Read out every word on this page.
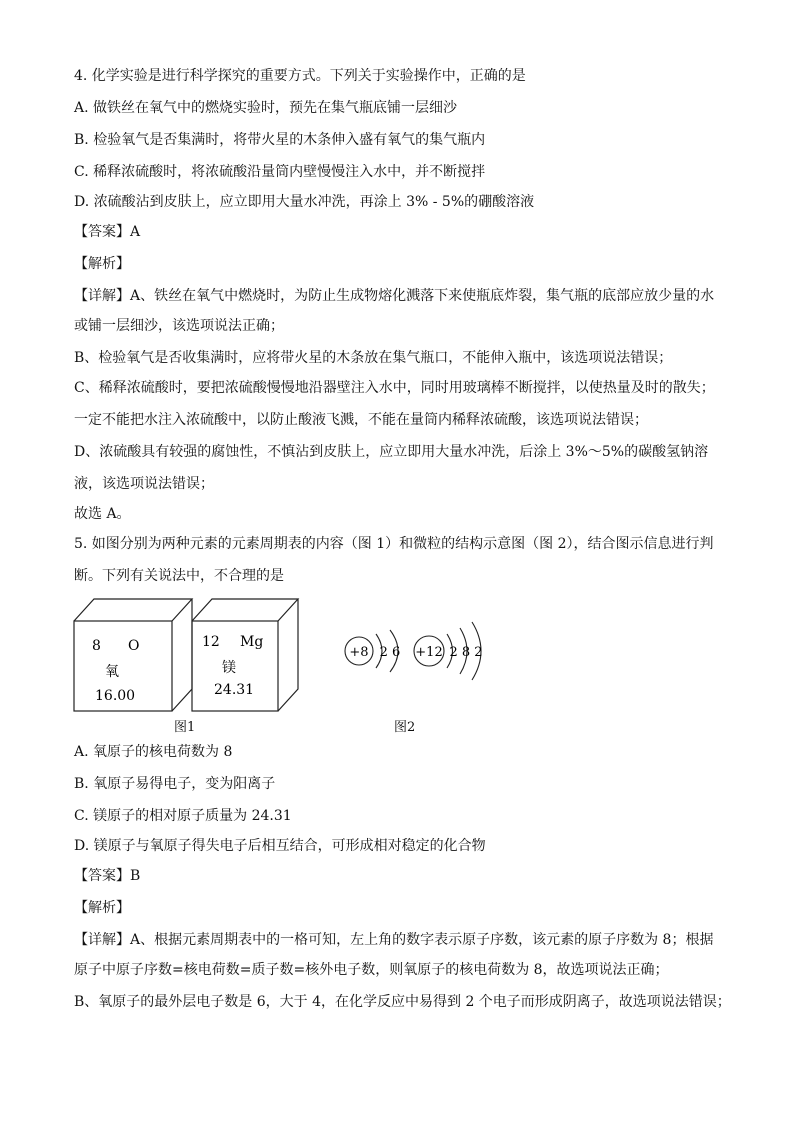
4. 化学实验是进行科学探究的重要方式。下列关于实验操作中，正确的是
A. 做铁丝在氧气中的燃烧实验时，预先在集气瓶底铺一层细沙
B. 检验氧气是否集满时，将带火星的木条伸入盛有氧气的集气瓶内
C. 稀释浓硫酸时，将浓硫酸沿量筒内壁慢慢注入水中，并不断搅拌
D. 浓硫酸沾到皮肤上，应立即用大量水冲洗，再涂上 3% - 5%的硼酸溶液
【答案】A
【解析】
【详解】A、铁丝在氧气中燃烧时，为防止生成物熔化溅落下来使瓶底炸裂，集气瓶的底部应放少量的水
或铺一层细沙，该选项说法正确；
B、检验氧气是否收集满时，应将带火星的木条放在集气瓶口，不能伸入瓶中，该选项说法错误；
C、稀释浓硫酸时，要把浓硫酸慢慢地沿器壁注入水中，同时用玻璃棒不断搅拌，以使热量及时的散失；
一定不能把水注入浓硫酸中，以防止酸液飞溅，不能在量筒内稀释浓硫酸，该选项说法错误；
D、浓硫酸具有较强的腐蚀性，不慎沾到皮肤上，应立即用大量水冲洗，后涂上 3%～5%的碳酸氢钠溶
液，该选项说法错误；
故选 A。
5. 如图分别为两种元素的元素周期表的内容（图 1）和微粒的结构示意图（图 2），结合图示信息进行判
断。下列有关说法中，不合理的是
8 O
氧
16.00
12 Mg
镁
24.31
+8 2 6 +12 2 8 2
图1	图2
A. 氧原子的核电荷数为 8
B. 氧原子易得电子，变为阳离子
C. 镁原子的相对原子质量为 24.31
D. 镁原子与氧原子得失电子后相互结合，可形成相对稳定的化合物
【答案】B
【解析】
【详解】A、根据元素周期表中的一格可知，左上角的数字表示原子序数，该元素的原子序数为 8；根据
原子中原子序数=核电荷数=质子数=核外电子数，则氧原子的核电荷数为 8，故选项说法正确；
B、氧原子的最外层电子数是 6，大于 4，在化学反应中易得到 2 个电子而形成阴离子，故选项说法错误；
